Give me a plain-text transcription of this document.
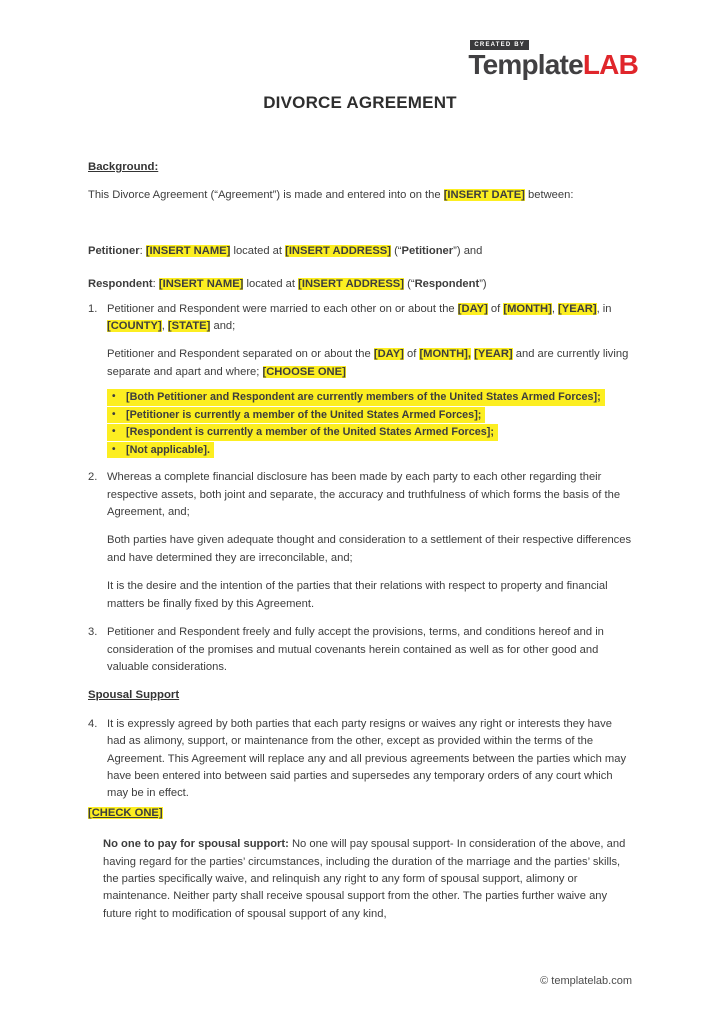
CREATED BY
TemplateLAB
DIVORCE AGREEMENT
Background:

This Divorce Agreement (“Agreement”) is made and entered into on the [INSERT DATE] between:

Petitioner: [INSERT NAME] located at [INSERT ADDRESS] (“Petitioner”) and

Respondent: [INSERT NAME] located at [INSERT ADDRESS] (“Respondent”)

1. Petitioner and Respondent were married to each other on or about the [DAY] of [MONTH], [YEAR], in [COUNTY], [STATE] and;

Petitioner and Respondent separated on or about the [DAY] of [MONTH], [YEAR] and are currently living separate and apart and where; [CHOOSE ONE]

• [Both Petitioner and Respondent are currently members of the United States Armed Forces];
• [Petitioner is currently a member of the United States Armed Forces];
• [Respondent is currently a member of the United States Armed Forces];
• [Not applicable].
2. Whereas a complete financial disclosure has been made by each party to each other regarding their respective assets, both joint and separate, the accuracy and truthfulness of which forms the basis of the Agreement, and;

Both parties have given adequate thought and consideration to a settlement of their respective differences and have determined they are irreconcilable, and;

It is the desire and the intention of the parties that their relations with respect to property and financial matters be finally fixed by this Agreement.

3. Petitioner and Respondent freely and fully accept the provisions, terms, and conditions hereof and in consideration of the promises and mutual covenants herein contained as well as for other good and valuable considerations.

Spousal Support
4. It is expressly agreed by both parties that each party resigns or waives any right or interests they have had as alimony, support, or maintenance from the other, except as provided within the terms of the Agreement. This Agreement will replace any and all previous agreements between the parties which may have been entered into between said parties and supersedes any temporary orders of any court which may be in effect.

[CHECK ONE]

No one to pay for spousal support: No one will pay spousal support- In consideration of the above, and having regard for the parties’ circumstances, including the duration of the marriage and the parties’ skills, the parties specifically waive, and relinquish any right to any form of spousal support, alimony or maintenance. Neither party shall receive spousal support from the other. The parties further waive any future right to modification of spousal support of any kind,

© templatelab.com
